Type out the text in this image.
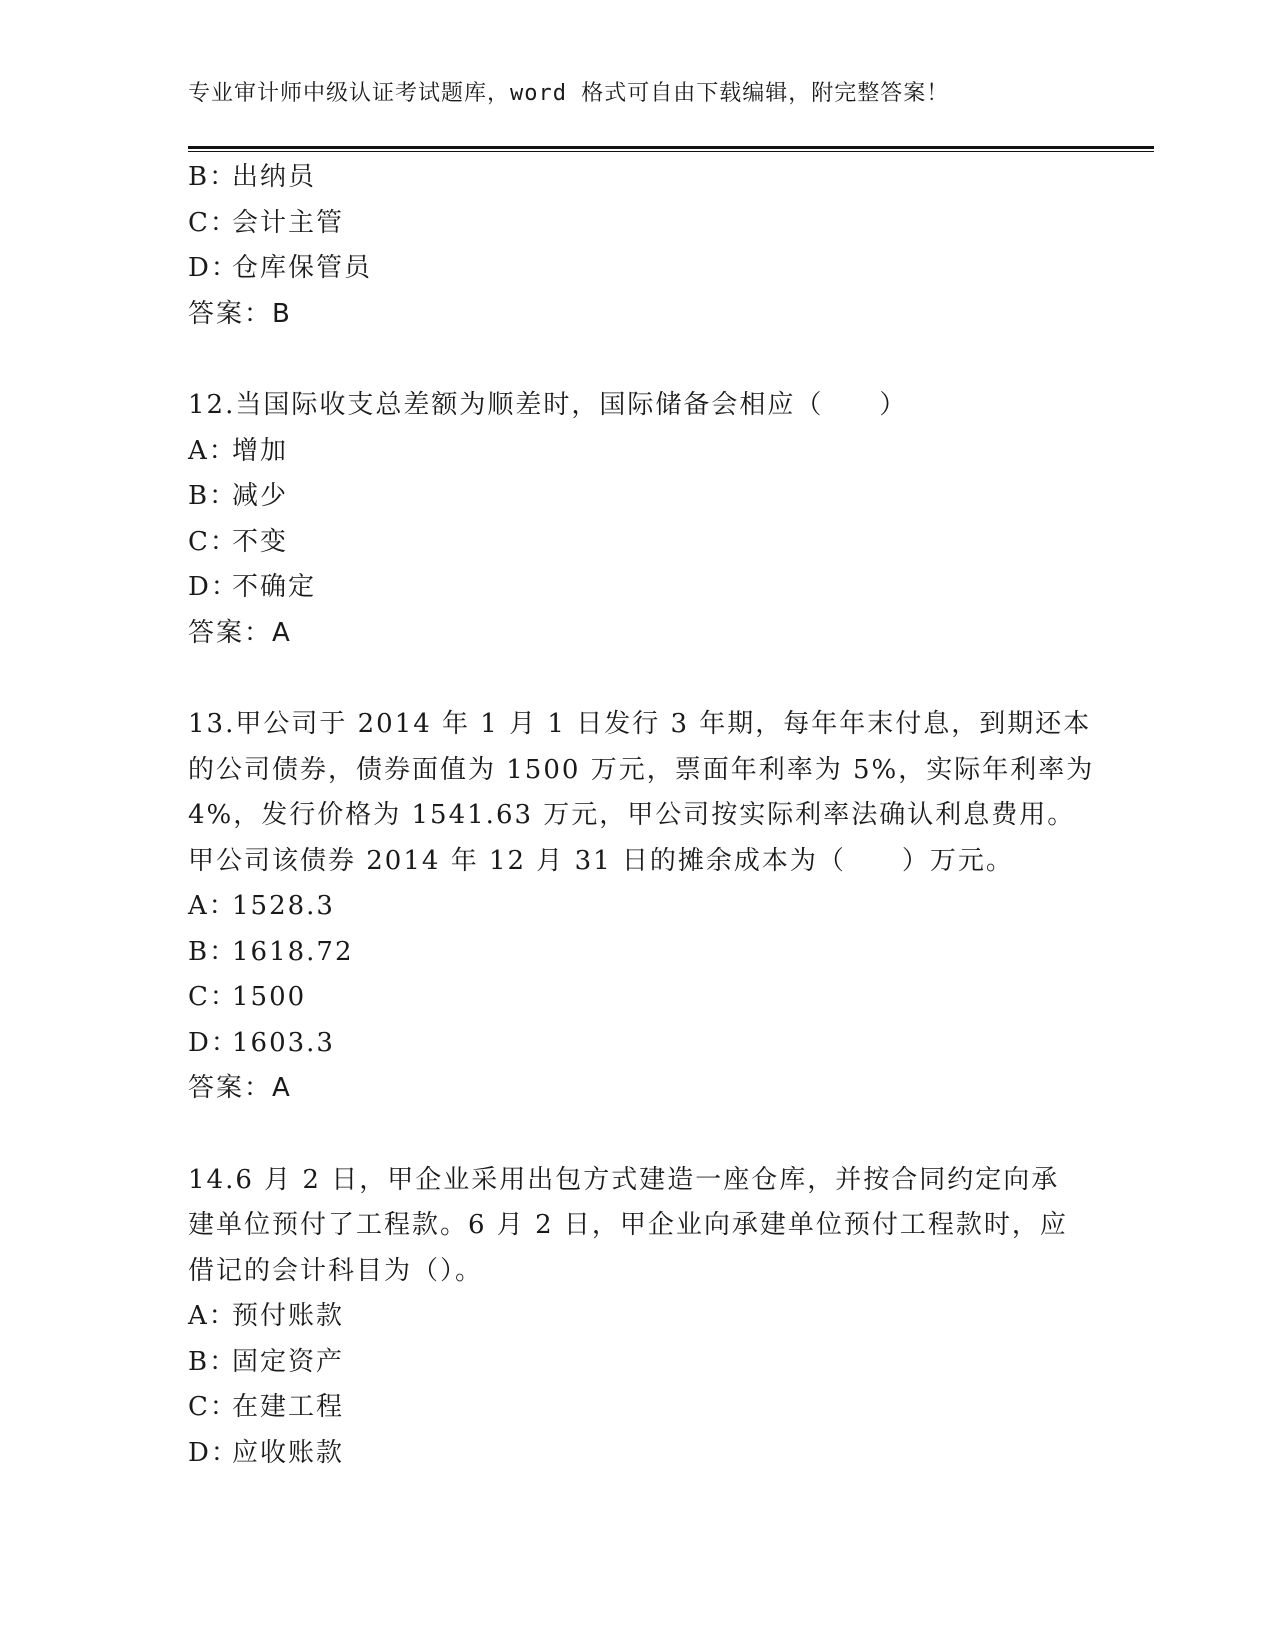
专业审计师中级认证考试题库，word 格式可自由下载编辑，附完整答案！
B：出纳员
C：会计主管
D：仓库保管员
答案：B
12.当国际收支总差额为顺差时，国际储备会相应（　　）
A：增加
B：减少
C：不变
D：不确定
答案：A
13.甲公司于 2014 年 1 月 1 日发行 3 年期，每年年末付息，到期还本
的公司债券，债券面值为 1500 万元，票面年利率为 5%，实际年利率为
4%，发行价格为 1541.63 万元，甲公司按实际利率法确认利息费用。
甲公司该债券 2014 年 12 月 31 日的摊余成本为（　　）万元。
A：1528.3
B：1618.72
C：1500
D：1603.3
答案：A
14.6 月 2 日，甲企业采用出包方式建造一座仓库，并按合同约定向承
建单位预付了工程款。6 月 2 日，甲企业向承建单位预付工程款时，应
借记的会计科目为（）。
A：预付账款
B：固定资产
C：在建工程
D：应收账款
